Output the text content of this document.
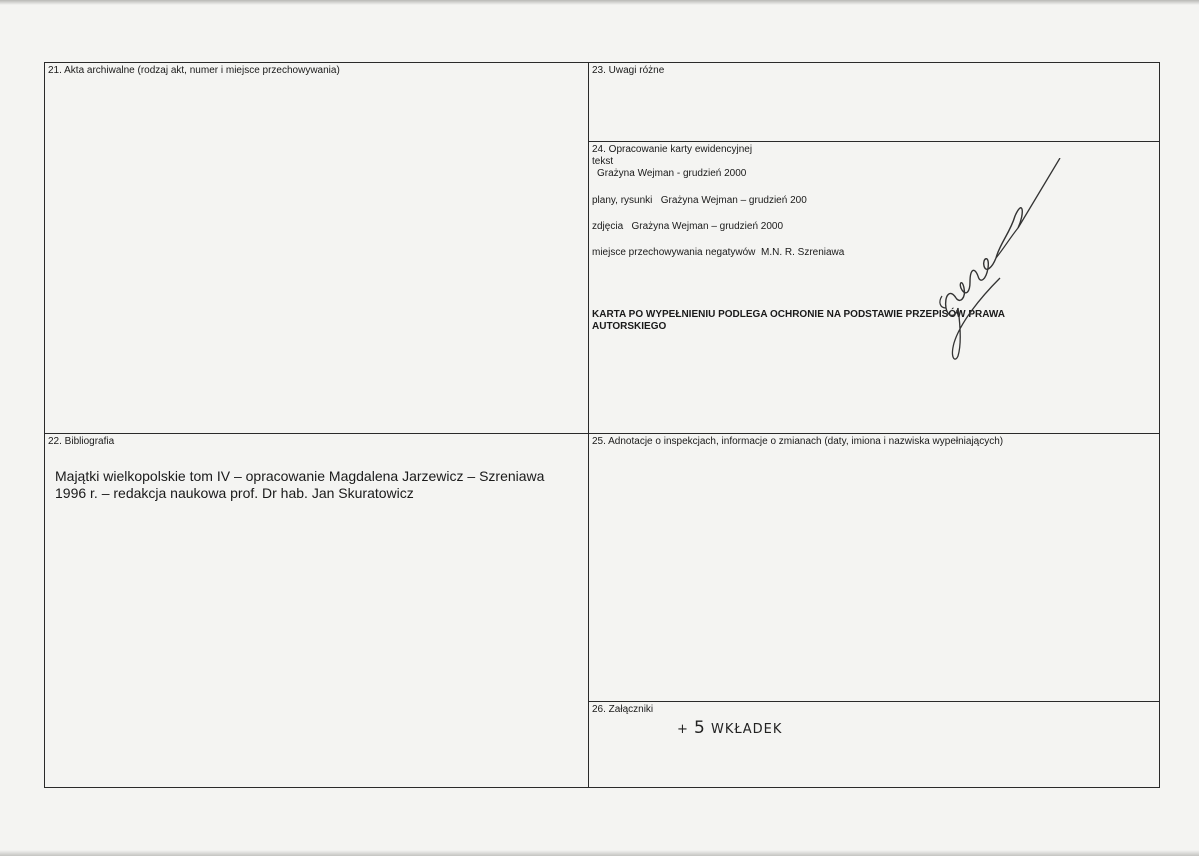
21. Akta archiwalne (rodzaj akt, numer i miejsce przechowywania)
22. Bibliografia
Majątki wielkopolskie tom IV – opracowanie Magdalena Jarzewicz – Szreniawa
1996 r. – redakcja naukowa prof. Dr hab. Jan Skuratowicz
23. Uwagi różne
24. Opracowanie karty ewidencyjnej
tekst
Grażyna Wejman - grudzień 2000
plany, rysunki Grażyna Wejman – grudzień 200
zdjęcia Grażyna Wejman – grudzień 2000
miejsce przechowywania negatywów M.N. R. Szreniawa
KARTA PO WYPEŁNIENIU PODLEGA OCHRONIE NA PODSTAWIE PRZEPISÓW PRAWA
AUTORSKIEGO
25. Adnotacje o inspekcjach, informacje o zmianach (daty, imiona i nazwiska wypełniających)
26. Załączniki
+ 5 WKŁADEK
